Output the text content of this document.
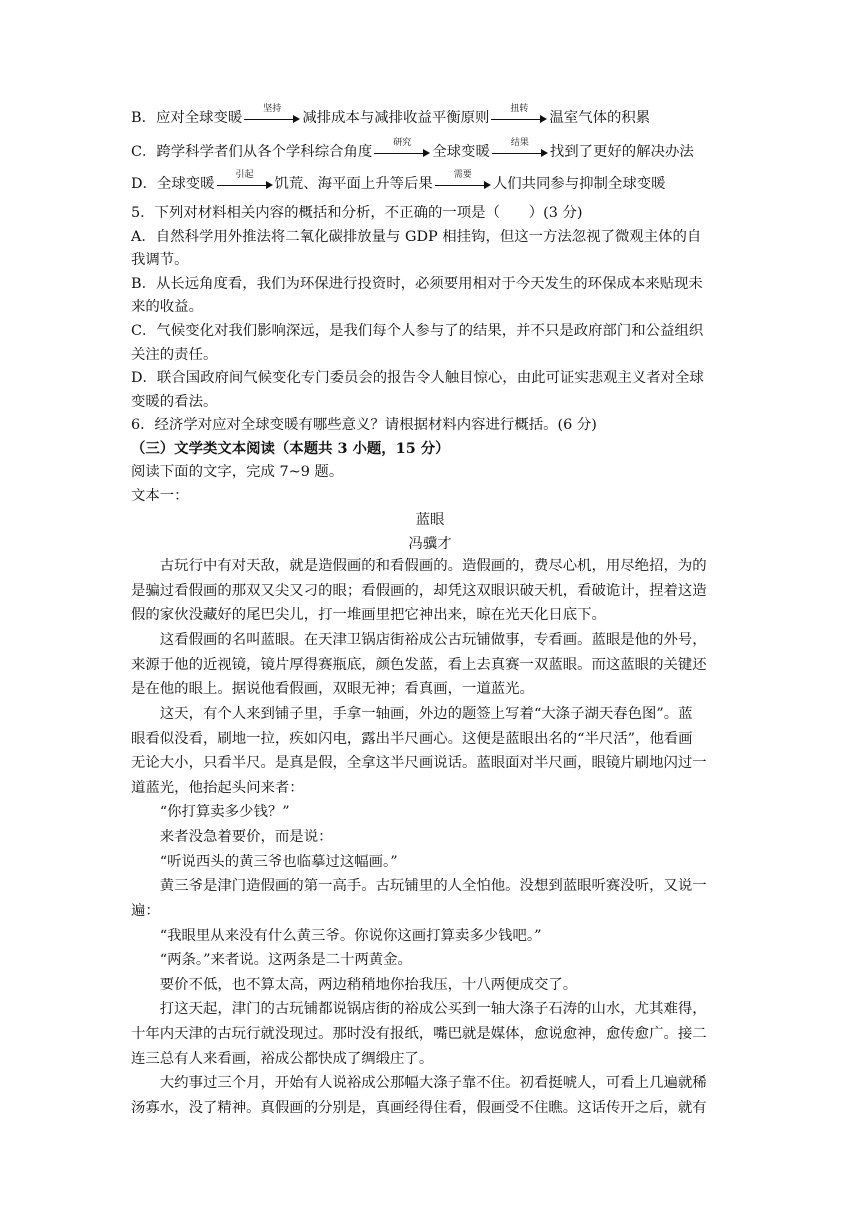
B．应对全球变暖
坚持
减排成本与减排收益平衡原则
扭转
温室气体的积累
C．跨学科学者们从各个学科综合角度
研究
全球变暖
结果
找到了更好的解决办法
D．全球变暖
引起
饥荒、海平面上升等后果
需要
人们共同参与抑制全球变暖
5．下列对材料相关内容的概括和分析，不正确的一项是（　　）(3 分)
A．自然科学用外推法将二氧化碳排放量与 GDP 相挂钩，但这一方法忽视了微观主体的自
我调节。
B．从长远角度看，我们为环保进行投资时，必须要用相对于今天发生的环保成本来贴现未
来的收益。
C．气候变化对我们影响深远，是我们每个人参与了的结果，并不只是政府部门和公益组织
关注的责任。
D．联合国政府间气候变化专门委员会的报告令人触目惊心，由此可证实悲观主义者对全球
变暖的看法。
6．经济学对应对全球变暖有哪些意义？请根据材料内容进行概括。(6 分)
（三）文学类文本阅读（本题共 3 小题，15 分）
阅读下面的文字，完成 7~9 题。
文本一：
蓝眼
冯骥才
　　古玩行中有对天敌，就是造假画的和看假画的。造假画的，费尽心机，用尽绝招，为的
是骗过看假画的那双又尖又刁的眼；看假画的，却凭这双眼识破天机，看破诡计，捏着这造
假的家伙没藏好的尾巴尖儿，打一堆画里把它神出来，晾在光天化日底下。
　　这看假画的名叫蓝眼。在天津卫锅店街裕成公古玩铺做事，专看画。蓝眼是他的外号，
来源于他的近视镜，镜片厚得赛瓶底，颜色发蓝，看上去真赛一双蓝眼。而这蓝眼的关键还
是在他的眼上。据说他看假画，双眼无神；看真画，一道蓝光。
　　这天，有个人来到铺子里，手拿一轴画，外边的题签上写着“大涤子湖天春色图”。蓝
眼看似没看，刷地一拉，疾如闪电，露出半尺画心。这便是蓝眼出名的“半尺活”，他看画
无论大小，只看半尺。是真是假，全拿这半尺画说话。蓝眼面对半尺画，眼镜片刷地闪过一
道蓝光，他抬起头问来者：
　　“你打算卖多少钱？”
　　来者没急着要价，而是说：
　　“听说西头的黄三爷也临摹过这幅画。”
　　黄三爷是津门造假画的第一高手。古玩铺里的人全怕他。没想到蓝眼听赛没听，又说一
遍：
　　“我眼里从来没有什么黄三爷。你说你这画打算卖多少钱吧。”
　　“两条。”来者说。这两条是二十两黄金。
　　要价不低，也不算太高，两边稍稍地你抬我压，十八两便成交了。
　　打这天起，津门的古玩铺都说锅店街的裕成公买到一轴大涤子石涛的山水，尤其难得，
十年内天津的古玩行就没现过。那时没有报纸，嘴巴就是媒体，愈说愈神，愈传愈广。接二
连三总有人来看画，裕成公都快成了绸缎庄了。
　　大约事过三个月，开始有人说裕成公那幅大涤子靠不住。初看挺唬人，可看上几遍就稀
汤寡水，没了精神。真假画的分别是，真画经得住看，假画受不住瞧。这话传开之后，就有
